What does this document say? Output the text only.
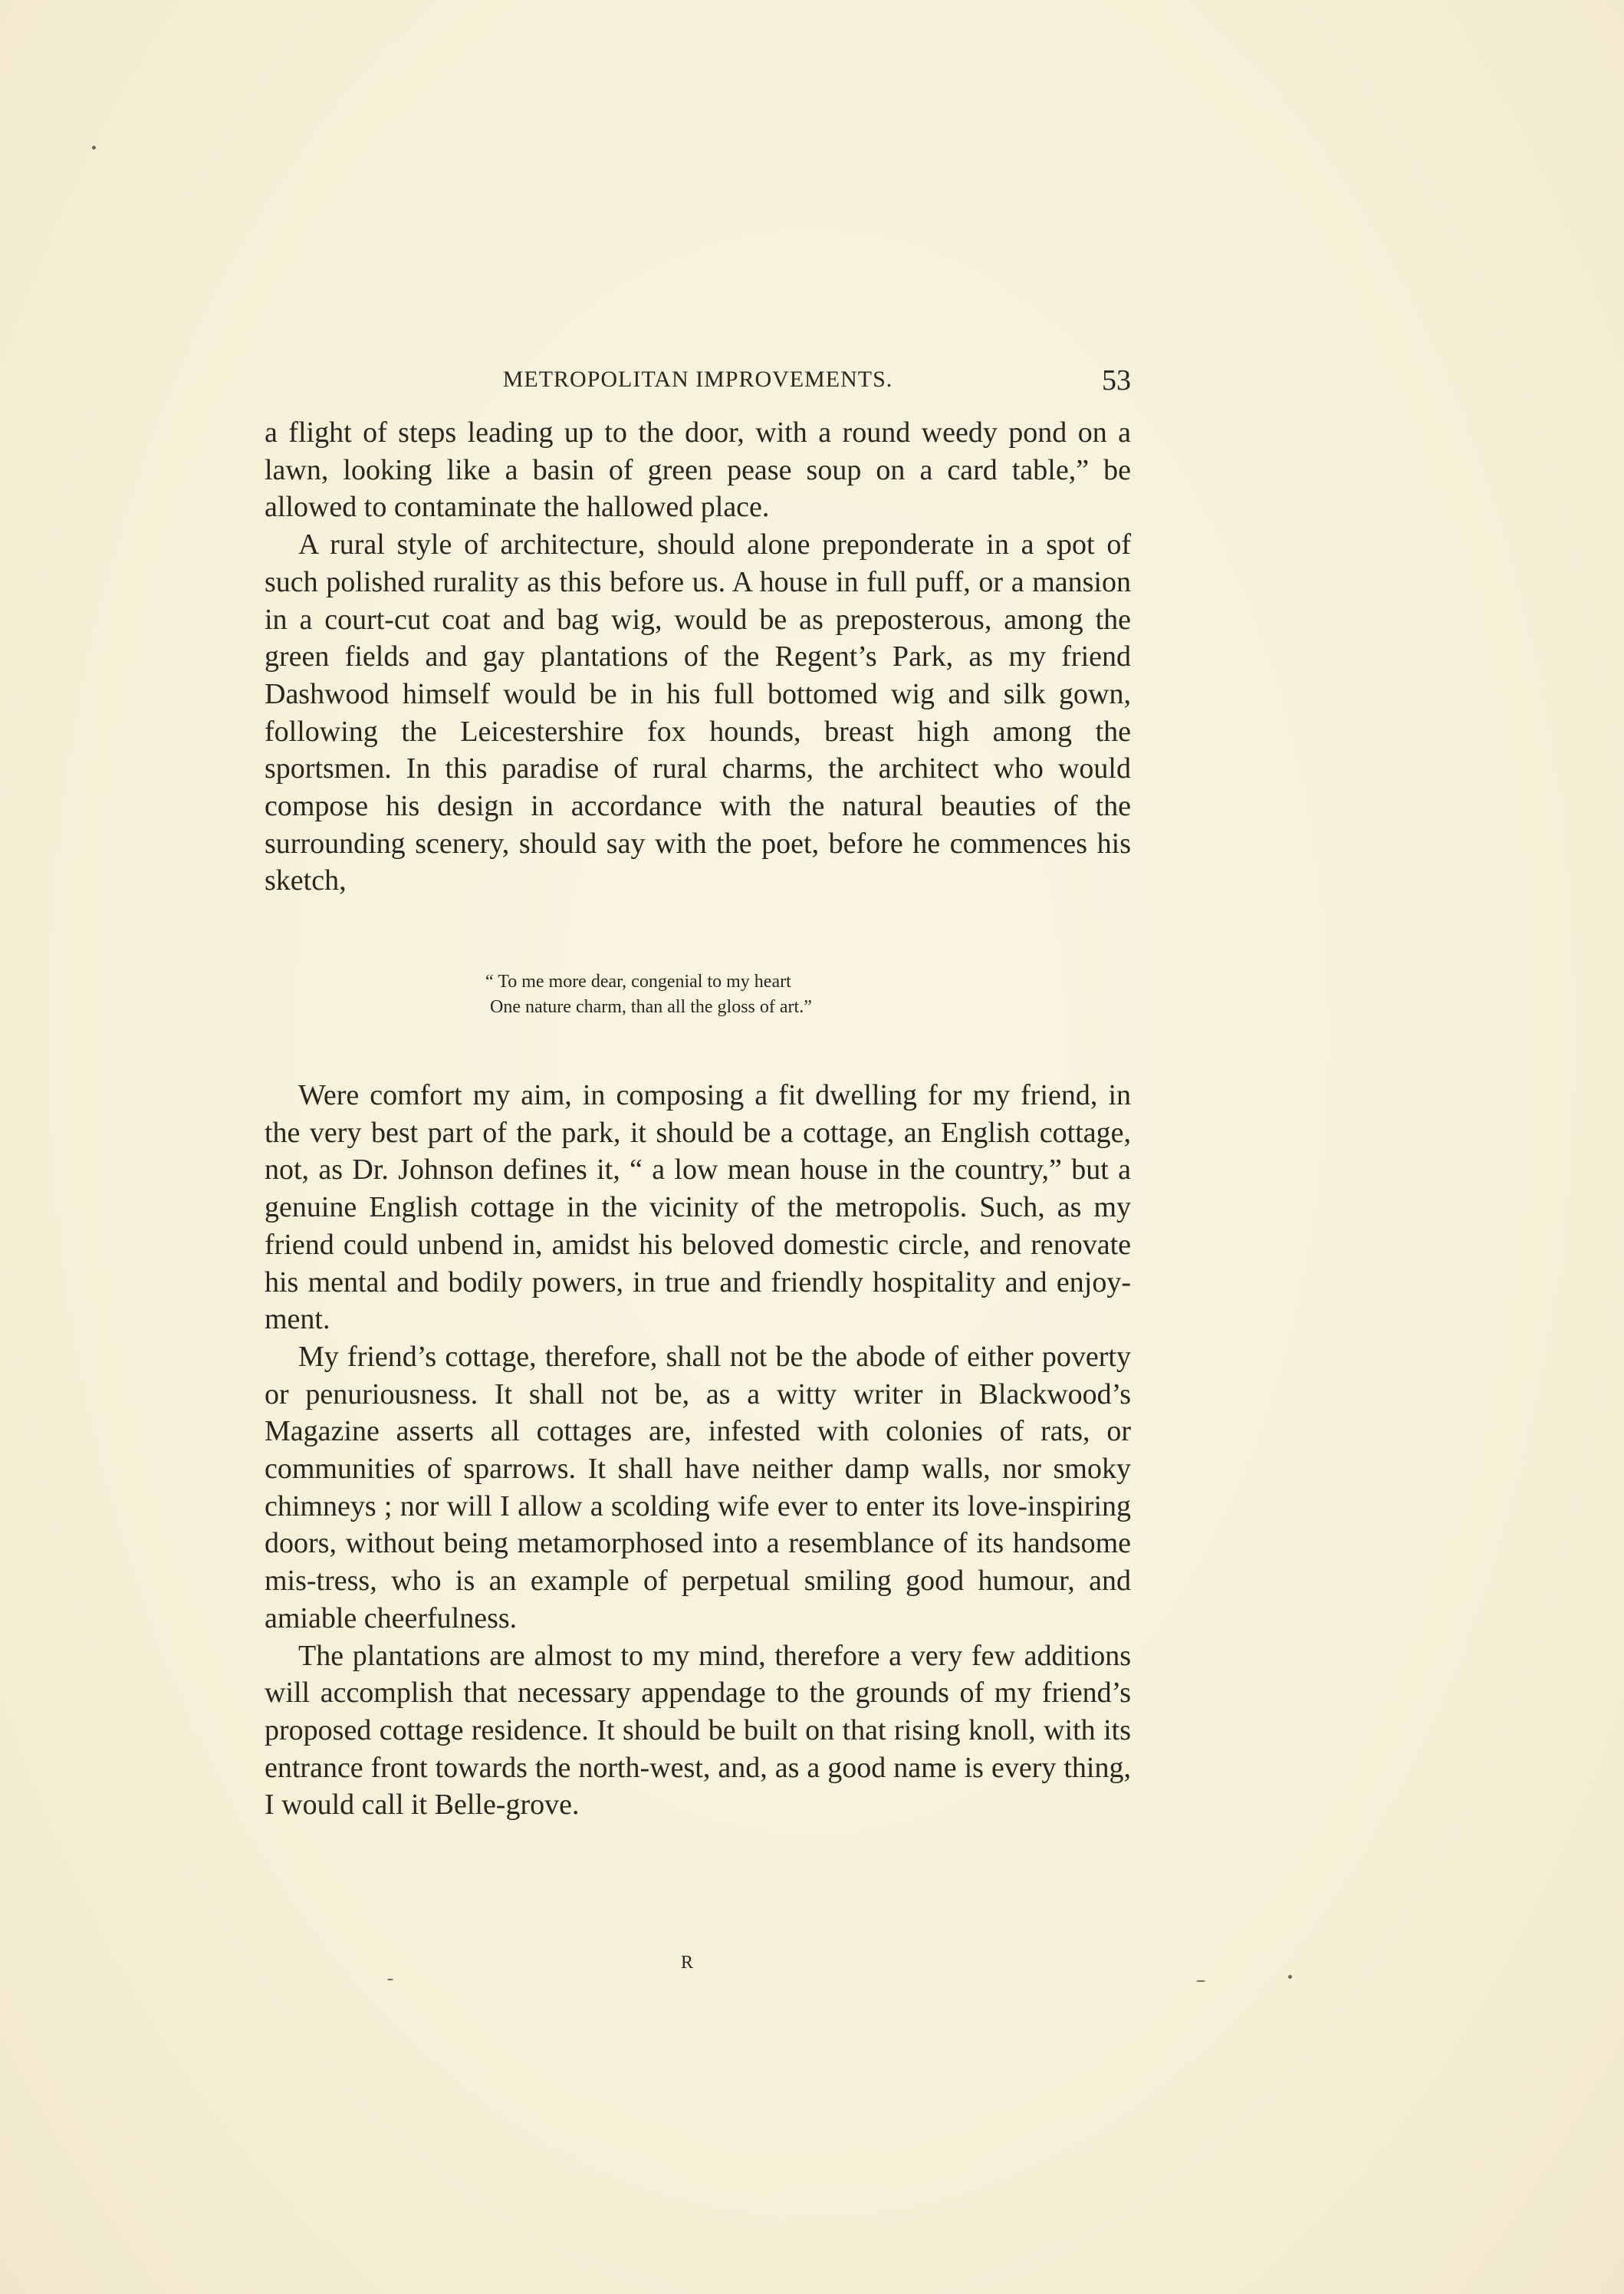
METROPOLITAN IMPROVEMENTS.	53

a flight of steps leading up to the door, with a round weedy pond on a lawn, looking like a basin of green pease soup on a card table,” be allowed to contaminate the hallowed place.

A rural style of architecture, should alone preponderate in a spot of such polished rurality as this before us. A house in full puff, or a mansion in a court-cut coat and bag wig, would be as preposterous, among the green fields and gay plantations of the Regent’s Park, as my friend Dashwood himself would be in his full bottomed wig and silk gown, following the Leicestershire fox hounds, breast high among the sportsmen. In this paradise of rural charms, the architect who would compose his design in accordance with the natural beauties of the surrounding scenery, should say with the poet, before he commences his sketch,

“ To me more dear, congenial to my heart
One nature charm, than all the gloss of art.”

Were comfort my aim, in composing a fit dwelling for my friend, in the very best part of the park, it should be a cottage, an English cottage, not, as Dr. Johnson defines it, “ a low mean house in the country,” but a genuine English cottage in the vicinity of the metropolis. Such, as my friend could unbend in, amidst his beloved domestic circle, and renovate his mental and bodily powers, in true and friendly hospitality and enjoy-ment.

My friend’s cottage, therefore, shall not be the abode of either poverty or penuriousness. It shall not be, as a witty writer in Blackwood’s Magazine asserts all cottages are, infested with colonies of rats, or communities of sparrows. It shall have neither damp walls, nor smoky chimneys ; nor will I allow a scolding wife ever to enter its love-inspiring doors, without being metamorphosed into a resemblance of its handsome mis-tress, who is an example of perpetual smiling good humour, and amiable cheerfulness.

The plantations are almost to my mind, therefore a very few additions will accomplish that necessary appendage to the grounds of my friend’s proposed cottage residence. It should be built on that rising knoll, with its entrance front towards the north-west, and, as a good name is every thing, I would call it Belle-grove.

R
